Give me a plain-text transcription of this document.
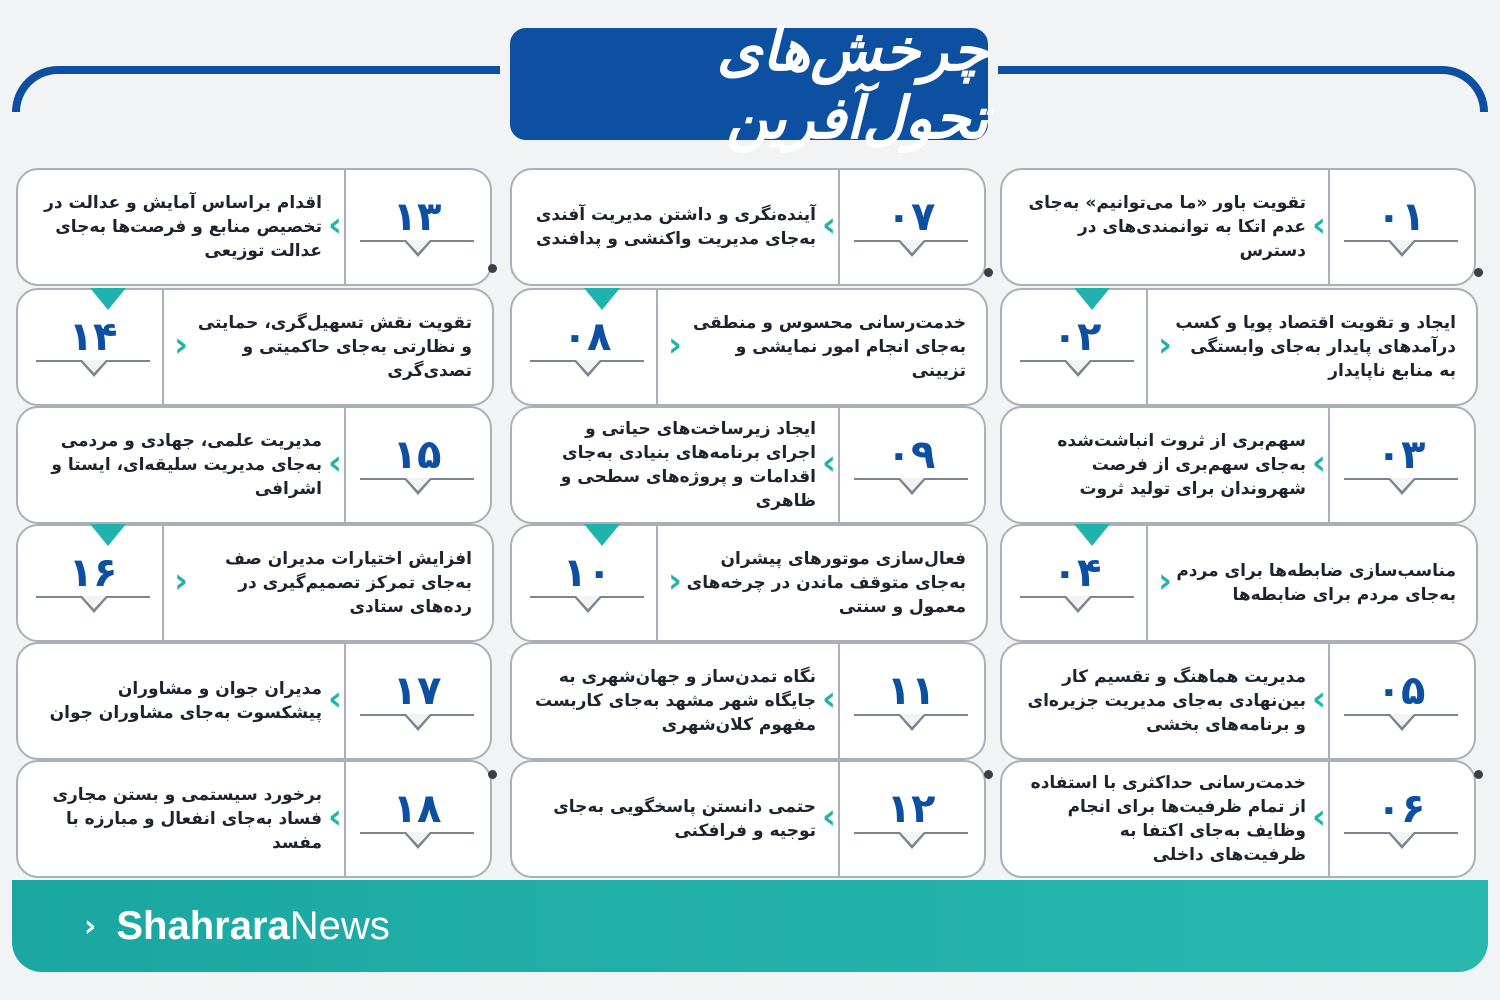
چرخش‌های تحول‌آفرین
تقویت باور «ما می‌توانیم» به‌جای عدم اتکا به توانمندی‌های در دسترس
‹	۰۱
ایجاد و تقویت اقتصاد پویا و کسب درآمدهای پایدار به‌جای وابستگی به منابع ناپایدار
‹
۰۲
سهم‌بری از ثروت انباشت‌شده به‌جای سهم‌بری از فرصت شهروندان برای تولید ثروت
‹	۰۳
مناسب‌سازی ضابطه‌ها برای مردم به‌جای مردم برای ضابطه‌ها
‹
۰۴
مدیریت هماهنگ و تقسیم کار بین‌نهادی به‌جای مدیریت جزیره‌ای و برنامه‌های بخشی
‹	۰۵
خدمت‌رسانی حداکثری با استفاده از تمام ظرفیت‌ها برای انجام وظایف به‌جای اکتفا به ظرفیت‌های داخلی
‹	۰۶
آینده‌نگری و داشتن مدیریت آفندی به‌جای مدیریت واکنشی و پدافندی ‹	۰۷
خدمت‌رسانی محسوس و منطقی به‌جای انجام امور نمایشی و تزیینی
‹
۰۸
ایجاد زیرساخت‌های حیاتی و اجرای برنامه‌های بنیادی به‌جای اقدامات و پروژه‌های سطحی و ظاهری
‹	۰۹
فعال‌سازی موتورهای پیشران به‌جای متوقف ماندن در چرخه‌های معمول و سنتی
‹
۱۰
نگاه تمدن‌ساز و جهان‌شهری به جایگاه شهر مشهد به‌جای کاربست مفهوم کلان‌شهری
‹	۱۱
حتمی دانستن پاسخگویی به‌جای توجیه و فرافکنی ‹	۱۲
اقدام براساس آمایش و عدالت در تخصیص منابع و فرصت‌ها به‌جای عدالت توزیعی
‹	۱۳
تقویت نقش تسهیل‌گری، حمایتی و نظارتی به‌جای حاکمیتی و تصدی‌گری
‹
۱۴
مدیریت علمی، جهادی و مردمی به‌جای مدیریت سلیقه‌ای، ایستا و اشرافی
‹	۱۵
افزایش اختیارات مدیران صف به‌جای تمرکز تصمیم‌گیری در رده‌های ستادی
‹
۱۶
مدیران جوان و مشاوران پیشکسوت به‌جای مشاوران جوان ‹	۱۷
برخورد سیستمی و بستن مجاری فساد به‌جای انفعال و مبارزه با مفسد
‹	۱۸
› Shahrara News
